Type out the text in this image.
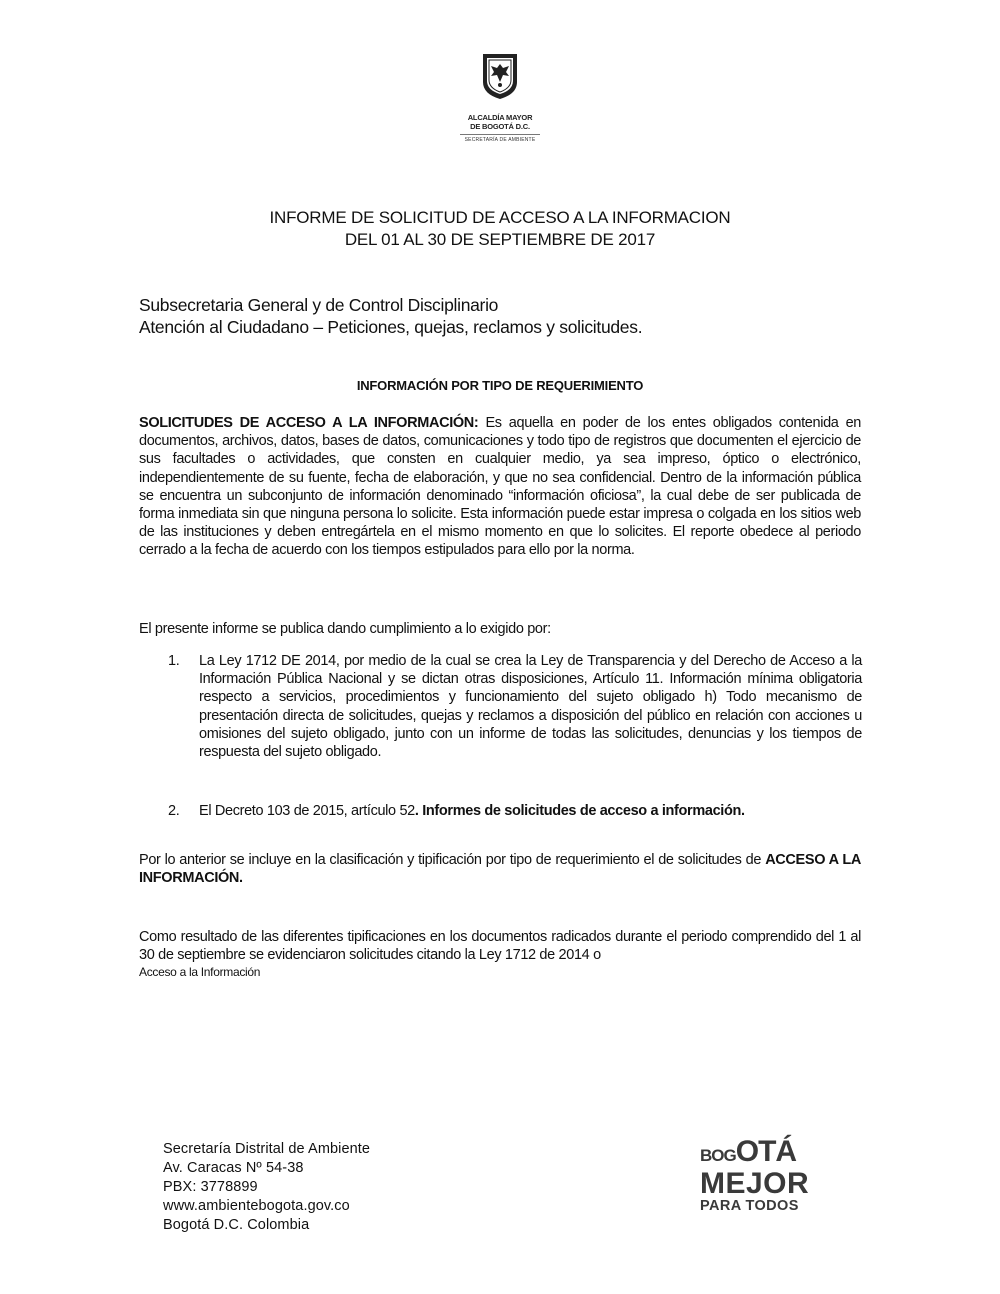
ALCALDÍA MAYOR
DE BOGOTÁ D.C.
SECRETARÍA DE AMBIENTE
INFORME DE SOLICITUD DE ACCESO A LA INFORMACION
DEL 01 AL 30 DE SEPTIEMBRE DE 2017
Subsecretaria General y de Control Disciplinario
Atención al Ciudadano – Peticiones, quejas, reclamos y solicitudes.
INFORMACIÓN POR TIPO DE REQUERIMIENTO
SOLICITUDES DE ACCESO A LA INFORMACIÓN: Es aquella en poder de los entes obligados contenida en documentos, archivos, datos, bases de datos, comunicaciones y todo tipo de registros que documenten el ejercicio de sus facultades o actividades, que consten en cualquier medio, ya sea impreso, óptico o electrónico, independientemente de su fuente, fecha de elaboración, y que no sea confidencial. Dentro de la información pública se encuentra un subconjunto de información denominado “información oficiosa”, la cual debe de ser publicada de forma inmediata sin que ninguna persona lo solicite. Esta información puede estar impresa o colgada en los sitios web de las instituciones y deben entregártela en el mismo momento en que lo solicites. El reporte obedece al periodo cerrado a la fecha de acuerdo con los tiempos estipulados para ello por la norma.
El presente informe se publica dando cumplimiento a lo exigido por:
1. La Ley 1712 DE 2014, por medio de la cual se crea la Ley de Transparencia y del Derecho de Acceso a la Información Pública Nacional y se dictan otras disposiciones, Artículo 11. Información mínima obligatoria respecto a servicios, procedimientos y funcionamiento del sujeto obligado h) Todo mecanismo de presentación directa de solicitudes, quejas y reclamos a disposición del público en relación con acciones u omisiones del sujeto obligado, junto con un informe de todas las solicitudes, denuncias y los tiempos de respuesta del sujeto obligado.
2. El Decreto 103 de 2015, artículo 52. Informes de solicitudes de acceso a información.
Por lo anterior se incluye en la clasificación y tipificación por tipo de requerimiento el de solicitudes de ACCESO A LA INFORMACIÓN.
Como resultado de las diferentes tipificaciones en los documentos radicados durante el periodo comprendido del 1 al 30 de septiembre se evidenciaron solicitudes citando la Ley 1712 de 2014 o
Acceso a la Información
Secretaría Distrital de Ambiente
Av. Caracas Nº 54-38
PBX: 3778899
www.ambientebogota.gov.co
Bogotá D.C. Colombia
BOGOTÁ
MEJOR
PARA TODOS
